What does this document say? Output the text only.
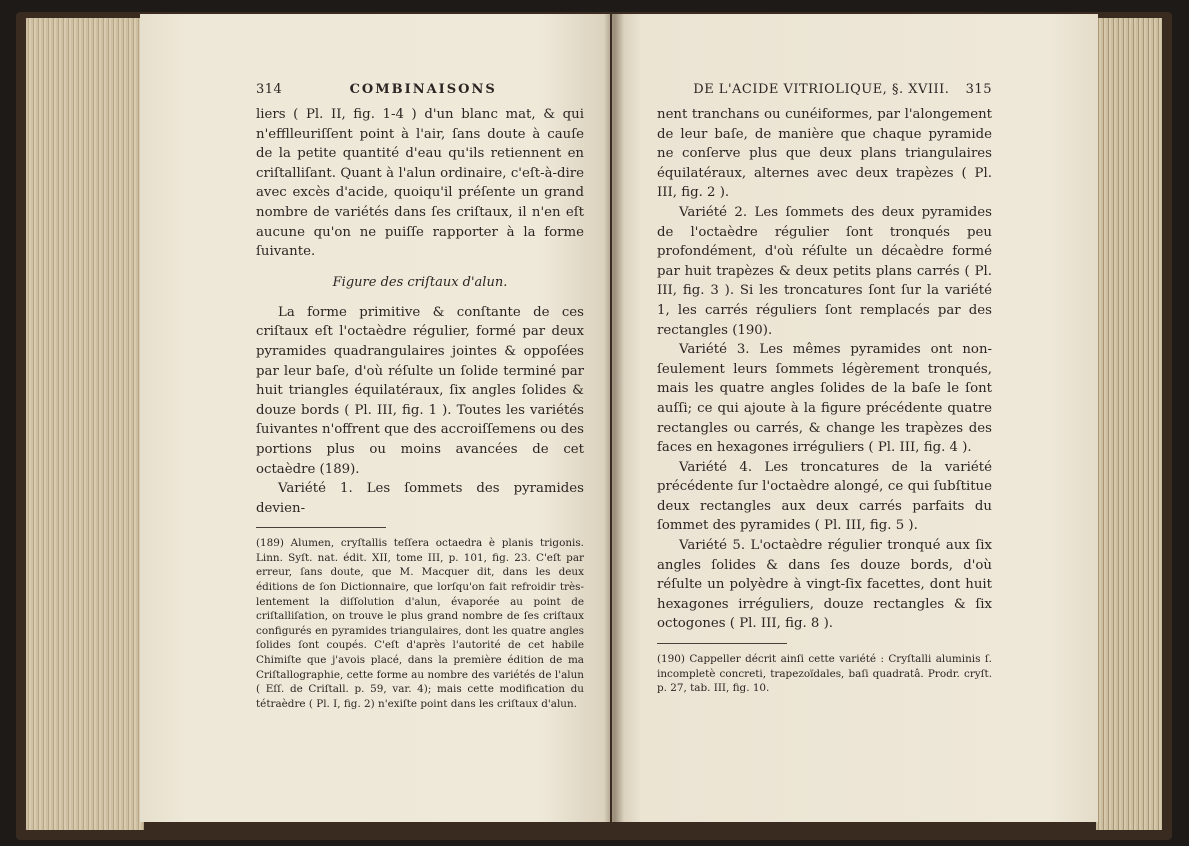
314	COMBINAISONS

liers ( Pl. II, fig. 1-4 ) d'un blanc mat, & qui n'efflleuriſſent point à l'air, ſans doute à cauſe de la petite quantité d'eau qu'ils retiennent en criſtalliſant. Quant à l'alun ordinaire, c'eſt-à-dire avec excès d'acide, quoiqu'il préſente un grand nombre de variétés dans ſes criſtaux, il n'en eſt aucune qu'on ne puiſſe rapporter à la forme ſuivante.

Figure des criſtaux d'alun.

La forme primitive & conſtante de ces criſtaux eſt l'octaèdre régulier, formé par deux pyramides quadrangulaires jointes & oppoſées par leur baſe, d'où réſulte un ſolide terminé par huit triangles équilatéraux, ſix angles ſolides & douze bords ( Pl. III, fig. 1 ). Toutes les variétés ſuivantes n'offrent que des accroiſſemens ou des portions plus ou moins avancées de cet octaèdre (189).

Variété 1. Les ſommets des pyramides devien-

(189) Alumen, cryſtallis teſſera octaedra è planis trigonis. Linn. Syſt. nat. édit. XII, tome III, p. 101, fig. 23. C'eſt par erreur, ſans doute, que M. Macquer dit, dans les deux éditions de ſon Dictionnaire, que lorſqu'on fait refroidir très-lentement la diſſolution d'alun, évaporée au point de criſtalliſation, on trouve le plus grand nombre de ſes criſtaux configurés en pyramides triangulaires, dont les quatre angles ſolides ſont coupés. C'eſt d'après l'autorité de cet habile Chimiſte que j'avois placé, dans la première édition de ma Criſtallographie, cette forme au nombre des variétés de l'alun ( Eſſ. de Criſtall. p. 59, var. 4); mais cette modification du tétraèdre ( Pl. I, fig. 2) n'exiſte point dans les criſtaux d'alun.

DE L'ACIDE VITRIOLIQUE, §. XVIII. 315

nent tranchans ou cunéiformes, par l'alongement de leur baſe, de manière que chaque pyramide ne conſerve plus que deux plans triangulaires équilatéraux, alternes avec deux trapèzes ( Pl. III, fig. 2 ).

Variété 2. Les ſommets des deux pyramides de l'octaèdre régulier ſont tronqués peu profondément, d'où réſulte un décaèdre formé par huit trapèzes & deux petits plans carrés ( Pl. III, fig. 3 ). Si les troncatures ſont ſur la variété 1, les carrés réguliers ſont remplacés par des rectangles (190).

Variété 3. Les mêmes pyramides ont non-ſeulement leurs ſommets légèrement tronqués, mais les quatre angles ſolides de la baſe le ſont auſſi; ce qui ajoute à la figure précédente quatre rectangles ou carrés, & change les trapèzes des faces en hexagones irréguliers ( Pl. III, fig. 4 ).

Variété 4. Les troncatures de la variété précédente ſur l'octaèdre alongé, ce qui ſubſtitue deux rectangles aux deux carrés parfaits du ſommet des pyramides ( Pl. III, fig. 5 ).

Variété 5. L'octaèdre régulier tronqué aux ſix angles ſolides & dans ſes douze bords, d'où réſulte un polyèdre à vingt-ſix facettes, dont huit hexagones irréguliers, douze rectangles & ſix octogones ( Pl. III, fig. 8 ).

(190) Cappeller décrit ainſi cette variété : Cryſtalli aluminis ſ. incompletè concreti, trapezoïdales, baſi quadratâ. Prodr. cryſt. p. 27, tab. III, fig. 10.
